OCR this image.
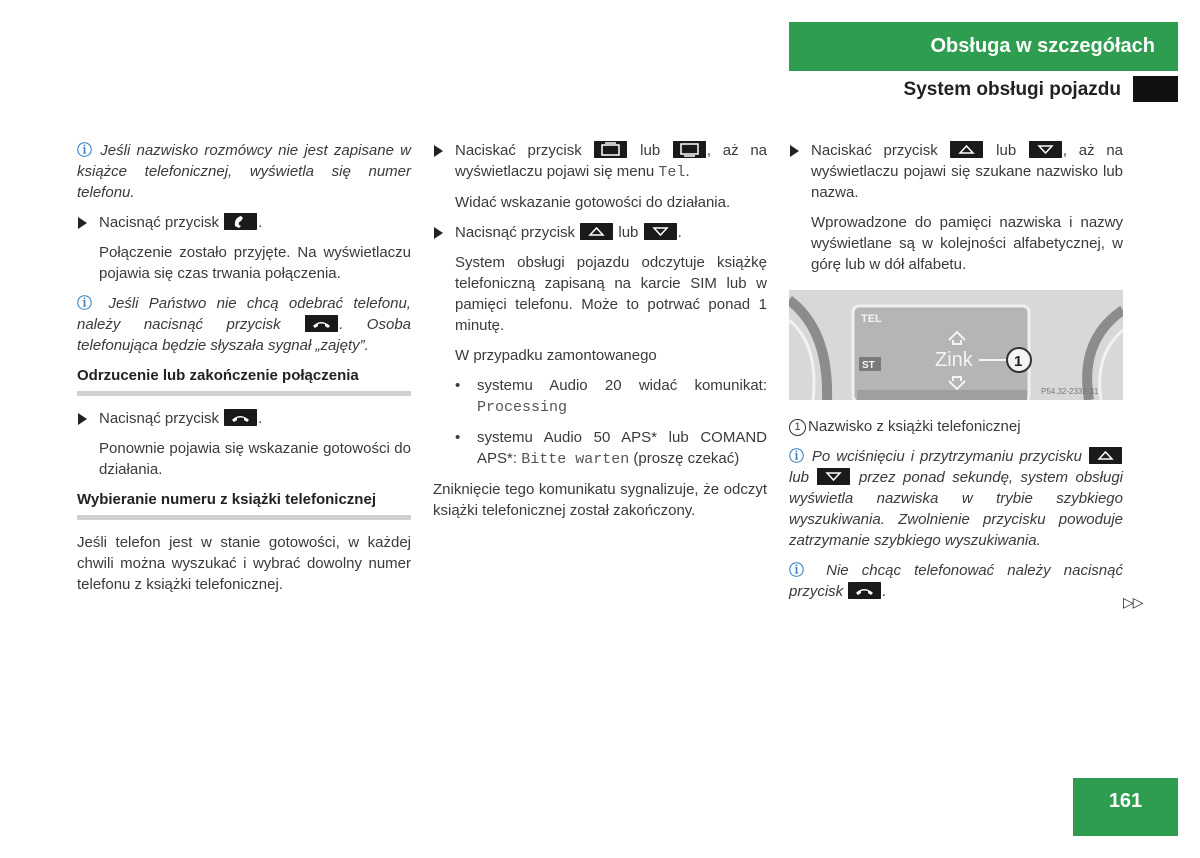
Obsługa w szczegółach
System obsługi pojazdu

ⓘ Jeśli nazwisko rozmówcy nie jest zapisane w książce telefonicznej, wyświetla się numer telefonu.

Nacisnąć przycisk	.

Połączenie zostało przyjęte. Na wyświetlaczu pojawia się czas trwania połączenia.

ⓘ Jeśli Państwo nie chcą odebrać telefonu, należy nacisnąć przycisk	. Osoba telefonująca będzie słyszała sygnał „zajęty”.

Odrzucenie lub zakończenie połączenia
Nacisnąć przycisk	.

Ponownie pojawia się wskazanie gotowości do działania.

Wybieranie numeru z książki telefonicznej

Jeśli telefon jest w stanie gotowości, w każdej chwili można wyszukać i wybrać dowolny numer telefonu z książki telefonicznej.

Naciskać przycisk	lub	, aż na wyświetlaczu pojawi się menu Tel.

Widać wskazanie gotowości do działania.

Nacisnąć przycisk	lub	.

System obsługi pojazdu odczytuje książkę telefoniczną zapisaną na karcie SIM lub w pamięci telefonu. Może to potrwać ponad 1 minutę.

W przypadku zamontowanego

•	systemu Audio 20 widać komunikat: Processing
•	systemu Audio 50 APS* lub COMAND APS*: Bitte warten (proszę czekać)

Zniknięcie tego komunikatu sygnalizuje, że odczyt książki telefonicznej został zakończony.

Naciskać przycisk	lub	, aż na wyświetlaczu pojawi się szukane nazwisko lub nazwa.

Wprowadzone do pamięci nazwiska i nazwy wyświetlane są w kolejności alfabetycznej, w górę lub w dół alfabetu.

TEL
ST	Zink	1
P54.32-2332-31
1 Nazwisko z książki telefonicznej

ⓘ Po wciśnięciu i przytrzymaniu przycisku  lub	przez ponad sekundę, system obsługi wyświetla nazwiska w trybie szybkiego wyszukiwania. Zwolnienie przycisku powoduje zatrzymanie szybkiego wyszukiwania.

ⓘ Nie chcąc telefonować należy nacisnąć przycisk	.

▷▷
161
